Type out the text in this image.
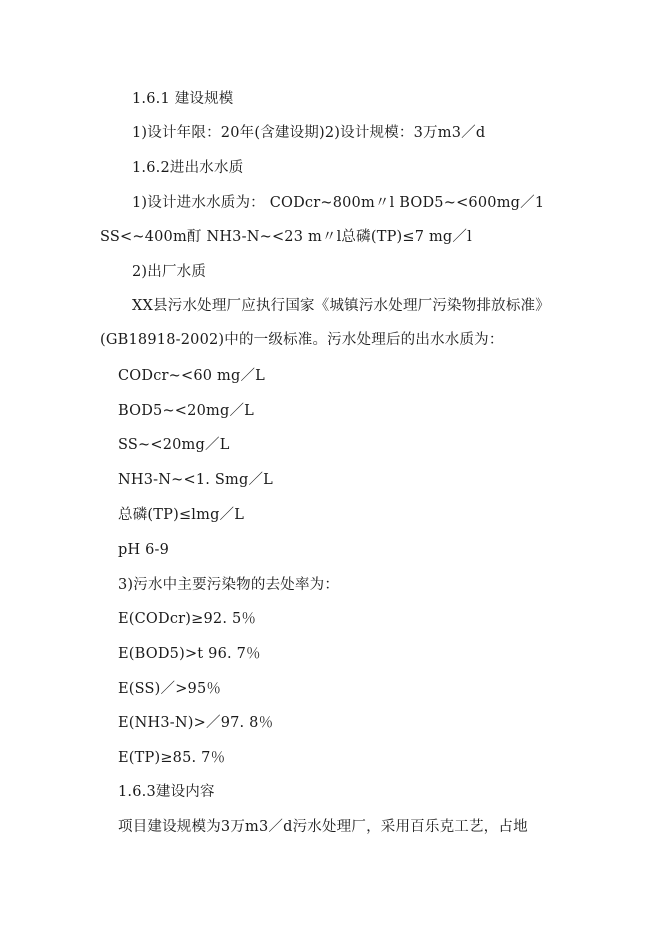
1.6.1 建设规模
1)设计年限：20年(含建设期)2)设计规模：3万m3／d
1.6.2进出水水质
1)设计进水水质为： CODcr~800m〃l BOD5~<600mg／1
SS<~400m酊 NH3-N~<23 m〃l总磷(TP)≤7 mg／l
2)出厂水质
XX县污水处理厂应执行国家《城镇污水处理厂污染物排放标准》
(GB18918-2002)中的一级标准。污水处理后的出水水质为：
CODcr~<60 mg／L
BOD5~<20mg／L
SS~<20mg／L
NH3-N~<1. Smg／L
总磷(TP)≤lmg／L
pH 6-9
3)污水中主要污染物的去处率为：
E(CODcr)≥92. 5％
E(BOD5)>t 96. 7％
E(SS)／>95％
E(NH3-N)>／97. 8％
E(TP)≥85. 7％
1.6.3建设内容
项目建设规模为3万m3／d污水处理厂，采用百乐克工艺，占地
